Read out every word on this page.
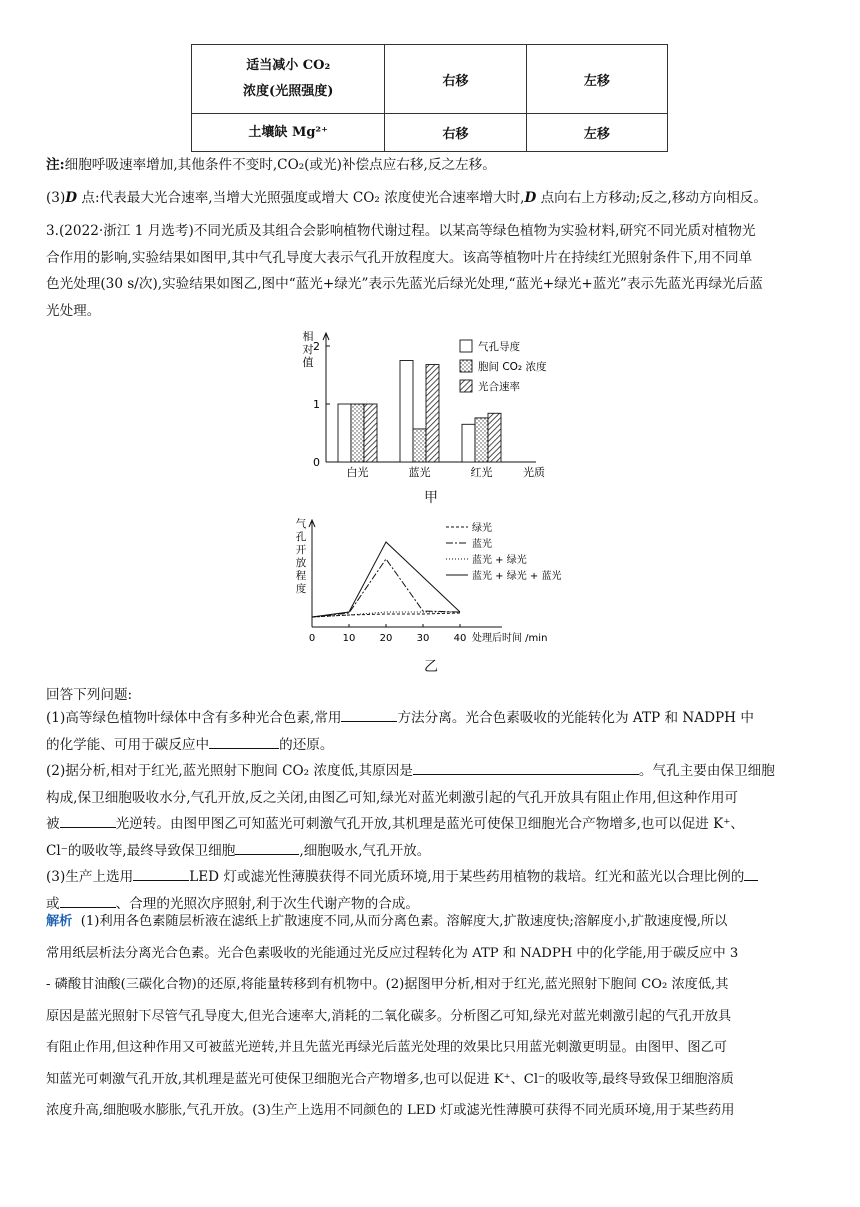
适当减小 CO₂
浓度(光照强度)	右移	左移
土壤缺 Mg²⁺	右移	左移
注:细胞呼吸速率增加,其他条件不变时,CO₂(或光)补偿点应右移,反之左移。
(3)D 点:代表最大光合速率,当增大光照强度或增大 CO₂ 浓度使光合速率增大时,D 点向右上方移动;反之,移动方向相反。
3.(2022·浙江 1 月选考)不同光质及其组合会影响植物代谢过程。以某高等绿色植物为实验材料,研究不同光质对植物光
合作用的影响,实验结果如图甲,其中气孔导度大表示气孔开放程度大。该高等植物叶片在持续红光照射条件下,用不同单
色光处理(30 s/次),实验结果如图乙,图中“蓝光+绿光”表示先蓝光后绿光处理,“蓝光+绿光+蓝光”表示先蓝光再绿光后蓝
光处理。
0
1
2
相
对
值
白光	蓝光	红光	光质
气孔导度
胞间 CO₂ 浓度
光合速率
甲
0	10 20 30 40 处理后时间 /min
气
孔
开
放
程
度
绿光
蓝光
蓝光 + 绿光
蓝光 + 绿光 + 蓝光
乙
回答下列问题:
(1)高等绿色植物叶绿体中含有多种光合色素,常用	方法分离。光合色素吸收的光能转化为 ATP 和 NADPH 中
的化学能、可用于碳反应中	的还原。
(2)据分析,相对于红光,蓝光照射下胞间 CO₂ 浓度低,其原因是	。气孔主要由保卫细胞
构成,保卫细胞吸收水分,气孔开放,反之关闭,由图乙可知,绿光对蓝光刺激引起的气孔开放具有阻止作用,但这种作用可
被	光逆转。由图甲图乙可知蓝光可刺激气孔开放,其机理是蓝光可使保卫细胞光合产物增多,也可以促进 K⁺、
Cl⁻的吸收等,最终导致保卫细胞	,细胞吸水,气孔开放。
(3)生产上选用	LED 灯或滤光性薄膜获得不同光质环境,用于某些药用植物的栽培。红光和蓝光以合理比例的
或	、合理的光照次序照射,利于次生代谢产物的合成。
解析 (1)利用各色素随层析液在滤纸上扩散速度不同,从而分离色素。溶解度大,扩散速度快;溶解度小,扩散速度慢,所以
常用纸层析法分离光合色素。光合色素吸收的光能通过光反应过程转化为 ATP 和 NADPH 中的化学能,用于碳反应中 3
- 磷酸甘油酸(三碳化合物)的还原,将能量转移到有机物中。(2)据图甲分析,相对于红光,蓝光照射下胞间 CO₂ 浓度低,其
原因是蓝光照射下尽管气孔导度大,但光合速率大,消耗的二氧化碳多。分析图乙可知,绿光对蓝光刺激引起的气孔开放具
有阻止作用,但这种作用又可被蓝光逆转,并且先蓝光再绿光后蓝光处理的效果比只用蓝光刺激更明显。由图甲、图乙可
知蓝光可刺激气孔开放,其机理是蓝光可使保卫细胞光合产物增多,也可以促进 K⁺、Cl⁻的吸收等,最终导致保卫细胞溶质
浓度升高,细胞吸水膨胀,气孔开放。(3)生产上选用不同颜色的 LED 灯或滤光性薄膜可获得不同光质环境,用于某些药用
